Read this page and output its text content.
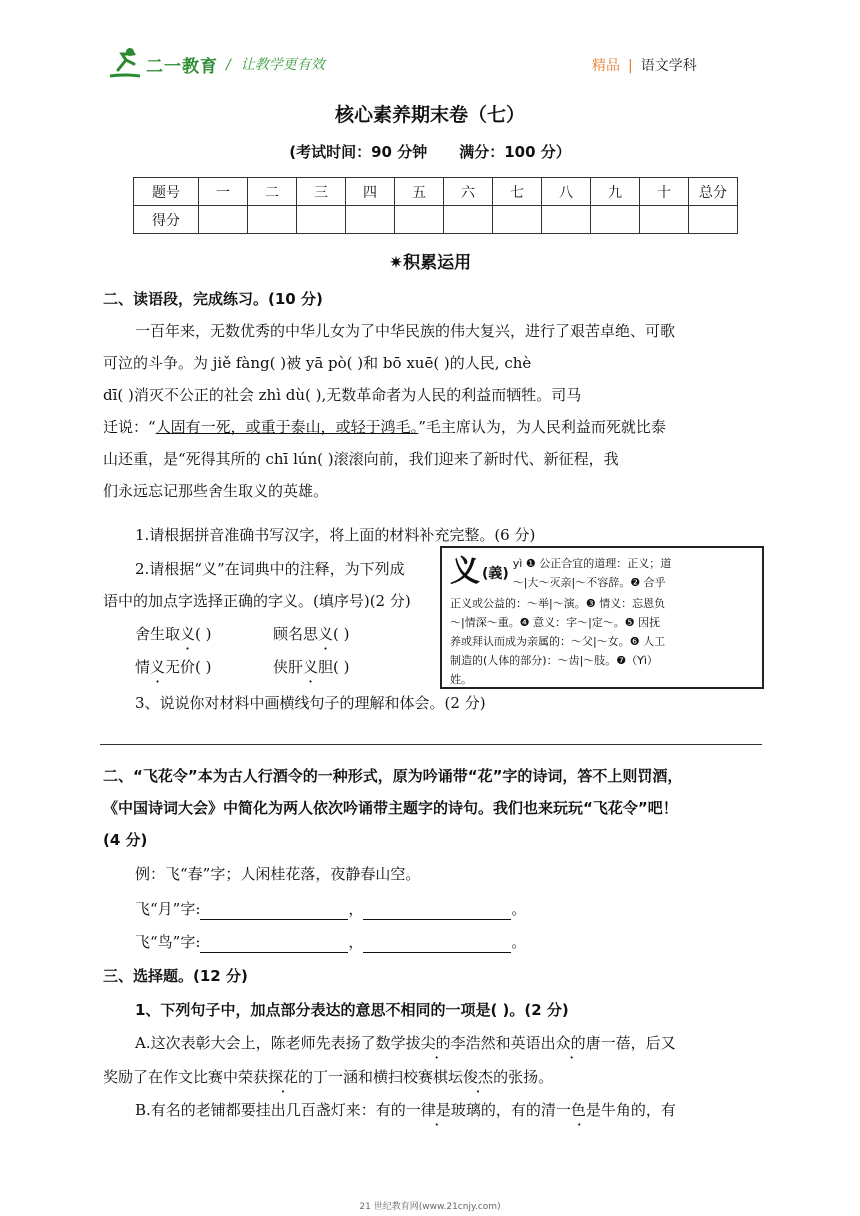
二一教育 / 让教学更有效	精品 | 语文学科
核心素养期末卷（七）
(考试时间：90 分钟 满分：100 分）
题号	一	二	三	四	五	六	七	八	九	十	总分
得分											
✷积累运用
二、读语段，完成练习。(10 分)
一百年来，无数优秀的中华儿女为了中华民族的伟大复兴，进行了艰苦卓绝、可歌
可泣的斗争。为 jiě fàng( )被 yā pò( )和 bō xuē( )的人民, chè
dī( )消灭不公正的社会 zhì dù( ),无数革命者为人民的利益而牺牲。司马
迁说：“人固有一死，或重于泰山，或轻于鸿毛。”毛主席认为，为人民利益而死就比泰
山还重，是“死得其所的 chī lún( )滚滚向前，我们迎来了新时代、新征程，我
们永远忘记那些舍生取义的英雄。
1.请根据拼音准确书写汉字，将上面的材料补充完整。(6 分)
2.请根据“义”在词典中的注释，为下列成
语中的加点字选择正确的字义。(填序号)(2 分)
舍生取义( )	顾名思义( )
情义无价( )	侠肝义胆( )
义 (義)
yì ❶ 公正合宜的道理：正义；道
～|大～灭亲|～不容辞。❷ 合乎
正义或公益的：～举|～演。❸ 情义：忘恩负
～|情深～重。❹ 意义：字～|定～。❺ 因抚
养或拜认而成为亲属的：～父|～女。❻ 人工
制造的(人体的部分)：～齿|～肢。❼（Yì）
姓。
3、说说你对材料中画横线句子的理解和体会。(2 分)
二、“飞花令”本为古人行酒令的一种形式，原为吟诵带“花”字的诗词，答不上则罚酒，
《中国诗词大会》中简化为两人依次吟诵带主题字的诗句。我们也来玩玩“飞花令”吧！
(4 分)
例：飞“春”字；人闲桂花落，夜静春山空。
飞“月”字:	，	。
飞“鸟”字:	，	。
三、选择题。(12 分)
1、下列句子中，加点部分表达的意思不相同的一项是( )。(2 分)
A.这次表彰大会上，陈老师先表扬了数学拔尖的李浩然和英语出众的唐一蓓，后又
奖励了在作文比赛中荣获探花的丁一涵和横扫校赛棋坛俊杰的张扬。
B.有名的老铺都要挂出几百盏灯来：有的一律是玻璃的，有的清一色是牛角的，有
21 世纪教育网(www.21cnjy.com)
